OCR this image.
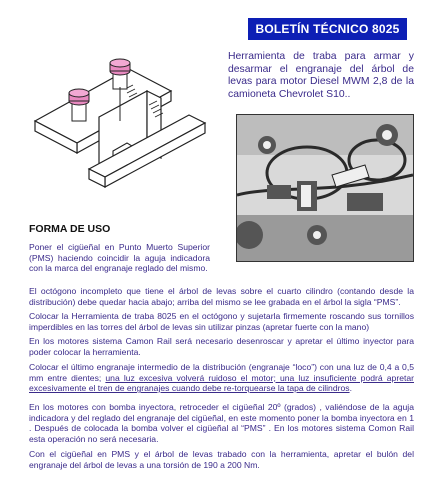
BOLETÍN TÉCNICO 8025
Herramienta de traba para armar y desarmar el engranaje del árbol de levas para motor Diesel MWM 2,8 de la camioneta Chevrolet S10..
FORMA DE USO
Poner el cigüeñal en Punto Muerto Superior (PMS) haciendo coincidir la aguja indicadora con la marca del engranaje reglado del mismo.
El octógono incompleto que tiene el árbol de levas sobre el cuarto cilindro (contando desde la distribución) debe quedar hacia abajo; arriba del mismo se lee grabada en el árbol la sigla “PMS”.
Colocar la Herramienta de traba 8025 en el octógono y sujetarla firmemente roscando sus tornillos imperdibles en las torres del árbol de levas sin utilizar pinzas (apretar fuerte con la mano)
En los motores sistema Camon Rail será necesario desenroscar y apretar el último inyector para poder colocar la herramienta.
Colocar el último engranaje intermedio de la distribución (engranaje “loco”) con una luz de 0,4 a 0,5 mm entre dientes; una luz excesiva volverá ruidoso el motor; una luz insuficiente podrá apretar excesivamente el tren de engranajes cuando debe re-torquearse la tapa de cilindros.
En los motores con bomba inyectora, retroceder el cigüeñal 20º (grados) , valiéndose de la aguja indicadora y del reglado del engranaje del cigüeñal, en este momento poner la bomba inyectora en 1 . Después de colocada la bomba volver el cigüeñal al “PMS” . En los motores sistema Comon Rail esta operación no será necesaria.
Con el cigüeñal en PMS y el árbol de levas trabado con la herramienta, apretar el bulón del engranaje del árbol de levas a una torsión de 190 a 200 Nm.
